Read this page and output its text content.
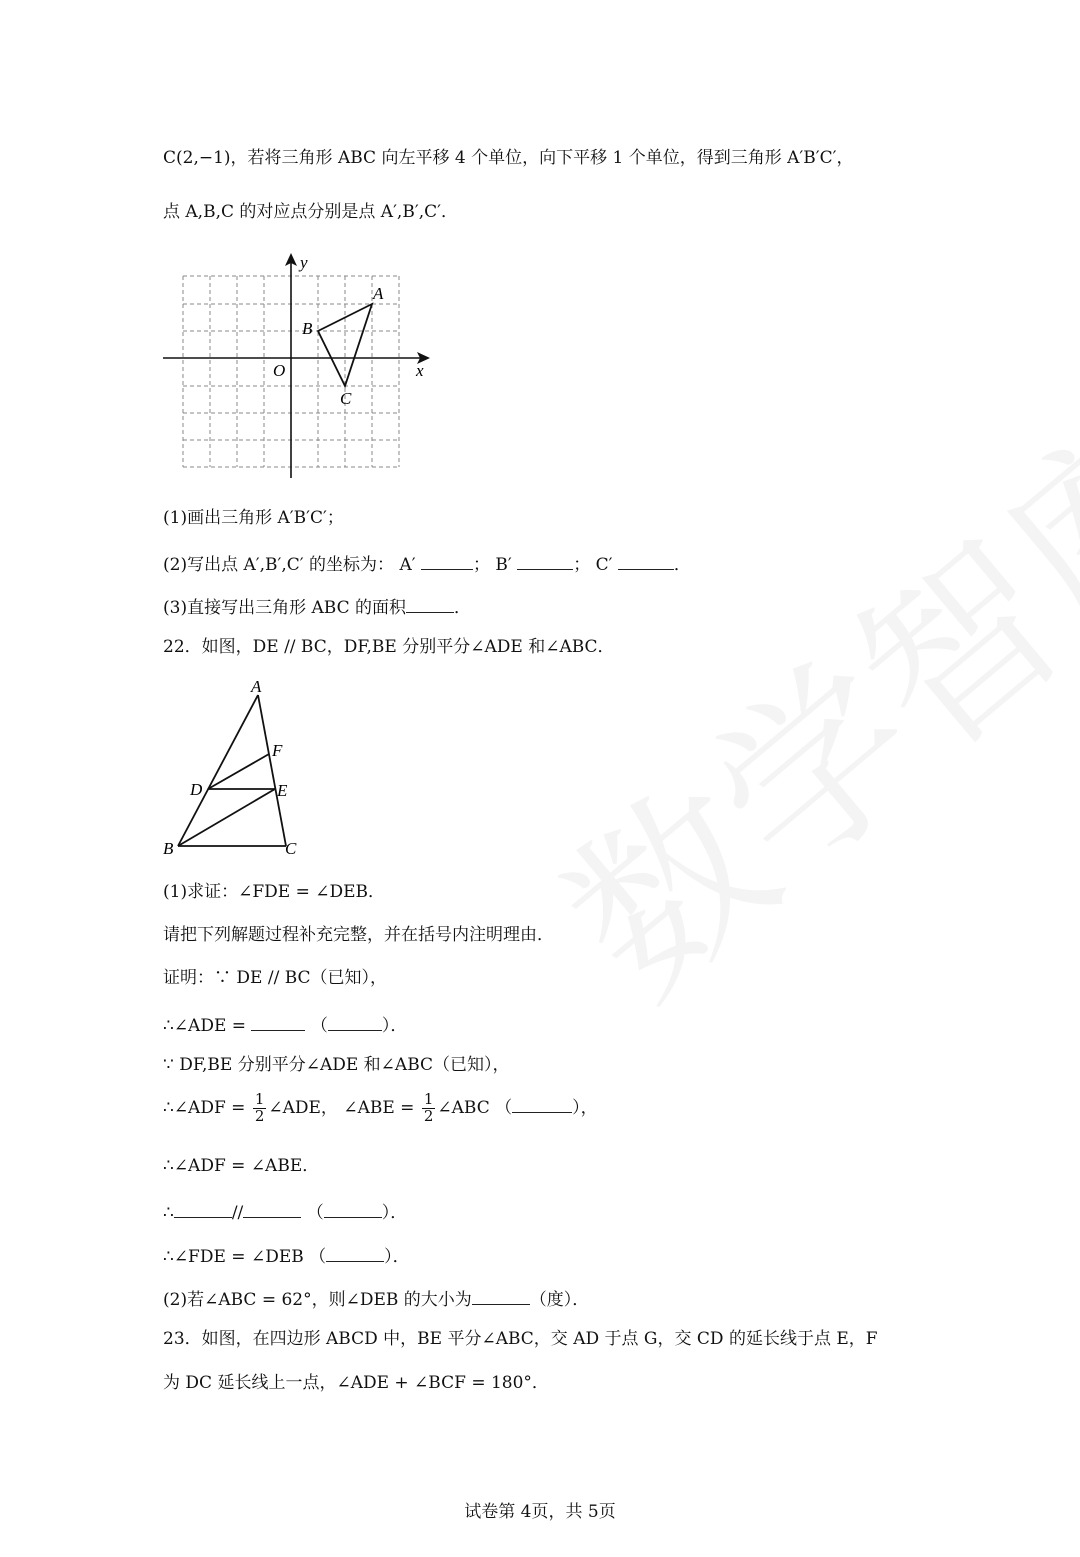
C(2,−1)，若将三角形 ABC 向左平移 4 个单位，向下平移 1 个单位，得到三角形 A′B′C′，
点 A,B,C 的对应点分别是点 A′,B′,C′．
y
x
O
A
B
C
(1)画出三角形 A′B′C′；
(2)写出点 A′,B′,C′ 的坐标为： A′	； B′	； C′	．
(3)直接写出三角形 ABC 的面积	．
22．如图，DE // BC，DF,BE 分别平分∠ADE 和∠ABC．
A
F
D	E
B	C
(1)求证：∠FDE = ∠DEB．
请把下列解题过程补充完整，并在括号内注明理由．
证明：∵ DE // BC（已知），
∴∠ADE =	（	）．
∵ DF,BE 分别平分∠ADE 和∠ABC（已知），
∴∠ADF = $\frac{1}{2}$ ∠ADE， ∠ABE = $\frac{1}{2}$ ∠ABC （	），
∴∠ADF = ∠ABE．
∴	//	（	）．
∴∠FDE = ∠DEB （	）．
(2)若∠ABC = 62°，则∠DEB 的大小为	（度）．
23．如图，在四边形 ABCD 中，BE 平分∠ABC，交 AD 于点 G，交 CD 的延长线于点 E，F
为 DC 延长线上一点，∠ADE + ∠BCF = 180°．
试卷第 4页，共 5页
